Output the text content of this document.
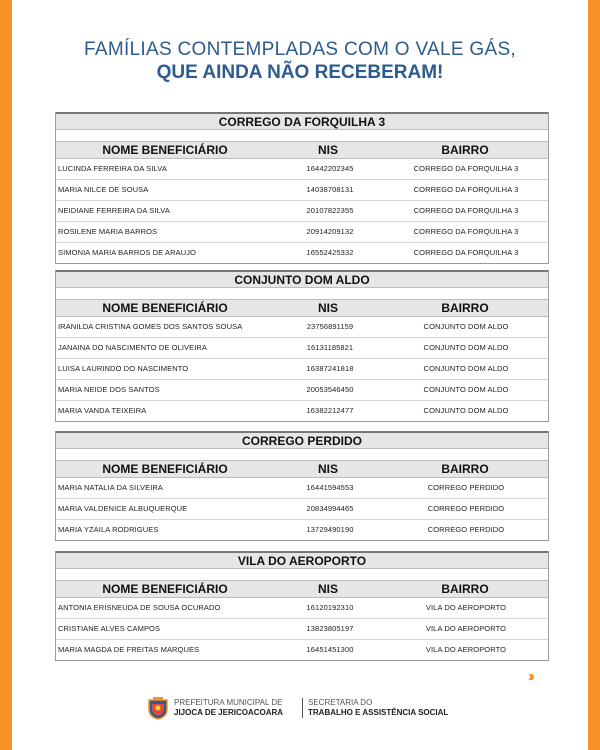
FAMÍLIAS CONTEMPLADAS COM O VALE GÁS,
QUE AINDA NÃO RECEBERAM!
CORREGO DA FORQUILHA 3
NOME BENEFICIÁRIO	NIS	BAIRRO
LUCINDA FERREIRA DA SILVA	16442202345	CORREGO DA FORQUILHA 3
MARIA NILCE DE SOUSA	14038708131	CORREGO DA FORQUILHA 3
NEIDIANE FERREIRA DA SILVA	20107822355	CORREGO DA FORQUILHA 3
ROSILENE MARIA BARROS	20914209132	CORREGO DA FORQUILHA 3
SIMONIA MARIA BARROS DE ARAUJO	16552425332	CORREGO DA FORQUILHA 3
CONJUNTO DOM ALDO
NOME BENEFICIÁRIO	NIS	BAIRRO
IRANILDA CRISTINA GOMES DOS SANTOS SOUSA	23756891159	CONJUNTO DOM ALDO
JANAINA DO NASCIMENTO DE OLIVEIRA	16131185821	CONJUNTO DOM ALDO
LUISA LAURINDO DO NASCIMENTO	16387241818	CONJUNTO DOM ALDO
MARIA NEIDE DOS SANTOS	20053546450	CONJUNTO DOM ALDO
MARIA VANDA TEIXEIRA	16382212477	CONJUNTO DOM ALDO
CORREGO PERDIDO
NOME BENEFICIÁRIO	NIS	BAIRRO
MARIA NATALIA DA SILVEIRA	16441594553	CORREGO PERDIDO
MARIA VALDENICE ALBUQUERQUE	20834994465	CORREGO PERDIDO
MARIA YZAILA RODRIGUES	13729490190	CORREGO PERDIDO
VILA DO AEROPORTO
NOME BENEFICIÁRIO	NIS	BAIRRO
ANTONIA ERISNEUDA DE SOUSA OCURADO	16120192310	VILA DO AEROPORTO
CRISTIANE ALVES CAMPOS	13823805197	VILA DO AEROPORTO
MARIA MAGDA DE FREITAS MARQUES	16451451300	VILA DO AEROPORTO
›››
PREFEITURA MUNICIPAL DE
JIJOCA DE JERICOACOARA
SECRETARIA DO
TRABALHO E ASSISTÊNCIA SOCIAL
